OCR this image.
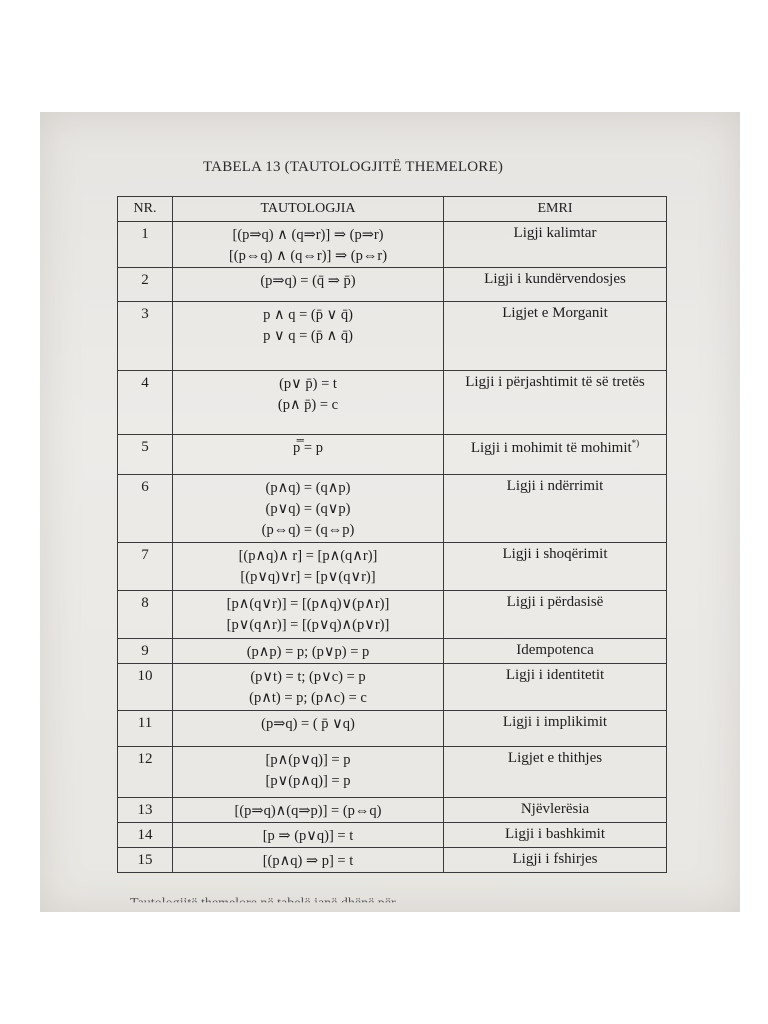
TABELA 13 (TAUTOLOGJITË THEMELORE)
NR.	TAUTOLOGJIA	EMRI
1	[(p⇒q) ∧ (q⇒r)] ⇒ (p⇒r)
[(p⇔q) ∧ (q⇔r)] ⇒ (p⇔r)	Ligji kalimtar
2	(p⇒q) = (q̄ ⇒ p̄)	Ligji i kundërvendosjes
3	p ∧ q = (p̄ ∨ q̄)
p ∨ q = (p̄ ∧ q̄)	Ligjet e Morganit
4	(p∨ p̄) = t
(p∧ p̄) = c	Ligji i përjashtimit të së tretës
5	p̿ = p	Ligji i mohimit të mohimit*)
6	(p∧q) = (q∧p)
(p∨q) = (q∨p)
(p⇔q) = (q⇔p)	Ligji i ndërrimit
7	[(p∧q)∧ r] = [p∧(q∧r)]
[(p∨q)∨r] = [p∨(q∨r)]	Ligji i shoqërimit
8	[p∧(q∨r)] = [(p∧q)∨(p∧r)]
[p∨(q∧r)] = [(p∨q)∧(p∨r)]	Ligji i përdasisë
9	(p∧p) = p; (p∨p) = p	Idempotenca
10	(p∨t) = t; (p∨c) = p
(p∧t) = p; (p∧c) = c	Ligji i identitetit
11	(p⇒q) = ( p̄ ∨q)	Ligji i implikimit
12	[p∧(p∨q)] = p
[p∨(p∧q)] = p	Ligjet e thithjes
13	[(p⇒q)∧(q⇒p)] = (p⇔q)	Njëvlerësia
14	[p ⇒ (p∨q)] = t	Ligji i bashkimit
15	[(p∧q) ⇒ p] = t	Ligji i fshirjes
